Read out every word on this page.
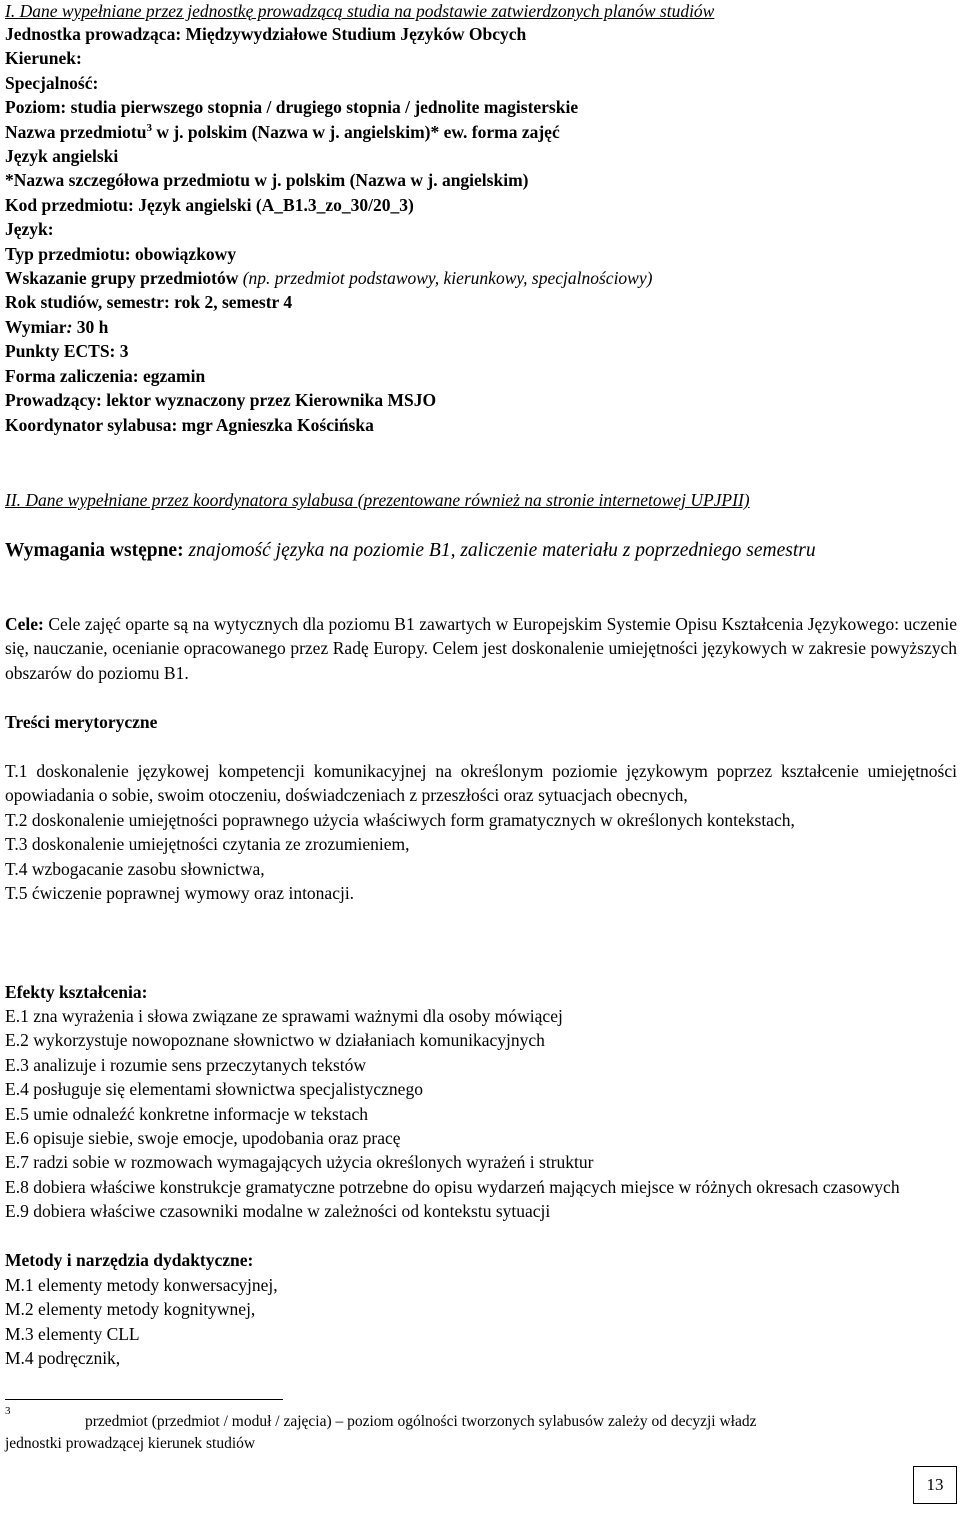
I. Dane wypełniane przez jednostkę prowadzącą studia na podstawie zatwierdzonych planów studiów
Jednostka prowadząca: Międzywydziałowe Studium Języków Obcych
Kierunek:
Specjalność:
Poziom: studia pierwszego stopnia / drugiego stopnia / jednolite magisterskie
Nazwa przedmiotu$^3$ w j. polskim (Nazwa w j. angielskim)* ew. forma zajęć
Język angielski
*Nazwa szczegółowa przedmiotu w j. polskim (Nazwa w j. angielskim)
Kod przedmiotu: Język angielski (A_B1.3_zo_30/20_3)
Język:
Typ przedmiotu: obowiązkowy
Wskazanie grupy przedmiotów (np. przedmiot podstawowy, kierunkowy, specjalnościowy)
Rok studiów, semestr: rok 2, semestr 4
Wymiar: 30 h
Punkty ECTS: 3
Forma zaliczenia: egzamin
Prowadzący: lektor wyznaczony przez Kierownika MSJO
Koordynator sylabusa: mgr Agnieszka Kościńska
II. Dane wypełniane przez koordynatora sylabusa (prezentowane również na stronie internetowej UPJPII)
Wymagania wstępne: znajomość języka na poziomie B1, zaliczenie materiału z poprzedniego semestru
Cele: Cele zajęć oparte są na wytycznych dla poziomu B1 zawartych w Europejskim Systemie Opisu Kształcenia Językowego: uczenie się, nauczanie, ocenianie opracowanego przez Radę Europy. Celem jest doskonalenie umiejętności językowych w zakresie powyższych obszarów do poziomu B1.
Treści merytoryczne
T.1 doskonalenie językowej kompetencji komunikacyjnej na określonym poziomie językowym poprzez kształcenie umiejętności opowiadania o sobie, swoim otoczeniu, doświadczeniach z przeszłości oraz sytuacjach obecnych,
T.2 doskonalenie umiejętności poprawnego użycia właściwych form gramatycznych w określonych kontekstach,
T.3 doskonalenie umiejętności czytania ze zrozumieniem,
T.4 wzbogacanie zasobu słownictwa,
T.5 ćwiczenie poprawnej wymowy oraz intonacji.
Efekty kształcenia:
E.1 zna wyrażenia i słowa związane ze sprawami ważnymi dla osoby mówiącej
E.2 wykorzystuje nowopoznane słownictwo w działaniach komunikacyjnych
E.3 analizuje i rozumie sens przeczytanych tekstów
E.4 posługuje się elementami słownictwa specjalistycznego
E.5 umie odnaleźć konkretne informacje w tekstach
E.6 opisuje siebie, swoje emocje, upodobania oraz pracę
E.7 radzi sobie w rozmowach wymagających użycia określonych wyrażeń i struktur
E.8 dobiera właściwe konstrukcje gramatyczne potrzebne do opisu wydarzeń mających miejsce w różnych okresach czasowych
E.9 dobiera właściwe czasowniki modalne w zależności od kontekstu sytuacji
Metody i narzędzia dydaktyczne:
M.1 elementy metody konwersacyjnej,
M.2 elementy metody kognitywnej,
M.3 elementy CLL
M.4 podręcznik,
3
przedmiot (przedmiot / moduł / zajęcia) – poziom ogólności tworzonych sylabusów zależy od decyzji władz
jednostki prowadzącej kierunek studiów
13
